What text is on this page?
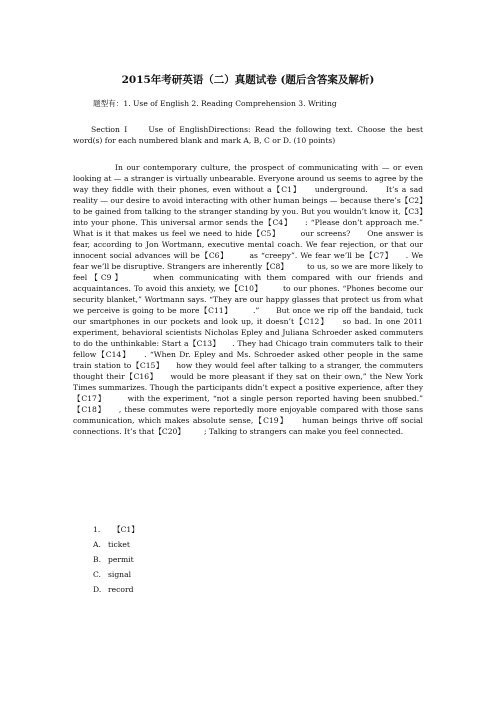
2015年考研英语（二）真题试卷 (题后含答案及解析)
题型有：1. Use of English 2. Reading Comprehension 3. Writing
Section I　　Use of EnglishDirections: Read the following text. Choose the best word(s) for each numbered blank and mark A, B, C or D. (10 points)
In our contemporary culture, the prospect of communicating with — or even looking at — a stranger is virtually unbearable. Everyone around us seems to agree by the way they fiddle with their phones, even without a【C1】　　underground.　　It’s a sad reality — our desire to avoid interacting with other human beings — because there’s【C2】　　　to be gained from talking to the stranger standing by you. But you wouldn’t know it,【C3】　　　into your phone. This universal armor sends the【C4】　　: “Please don’t approach me.”　　What is it that makes us feel we need to hide【C5】　　　our screens?　　One answer is fear, according to Jon Wortmann, executive mental coach. We fear rejection, or that our innocent social advances will be【C6】　　　as “creepy”. We fear we’ll be【C7】　　. We fear we’ll be disruptive. Strangers are inherently【C8】　　　to us, so we are more likely to feel【C9】　　　when communicating with them compared with our friends and acquaintances. To avoid this anxiety, we【C10】　　　to our phones. “Phones become our security blanket,” Wortmann says. “They are our happy glasses that protect us from what we perceive is going to be more【C11】　　　.”　　But once we rip off the bandaid, tuck our smartphones in our pockets and look up, it doesn’t【C12】　　so bad. In one 2011 experiment, behavioral scientists Nicholas Epley and Juliana Schroeder asked commuters to do the unthinkable: Start a【C13】　　. They had Chicago train commuters talk to their fellow【C14】　　. “When Dr. Epley and Ms. Schroeder asked other people in the same train station to【C15】　　how they would feel after talking to a stranger, the commuters thought their【C16】　　would be more pleasant if they sat on their own,” the New York Times summarizes. Though the participants didn’t expect a positive experience, after they【C17】　　　with the experiment, “not a single person reported having been snubbed.”　　【C18】　　, these commutes were reportedly more enjoyable compared with those sans communication, which makes absolute sense,【C19】　　human beings thrive off social connections. It’s that【C20】　　　; Talking to strangers can make you feel connected.
1. 【C1】
A. ticket
B. permit
C. signal
D. record
